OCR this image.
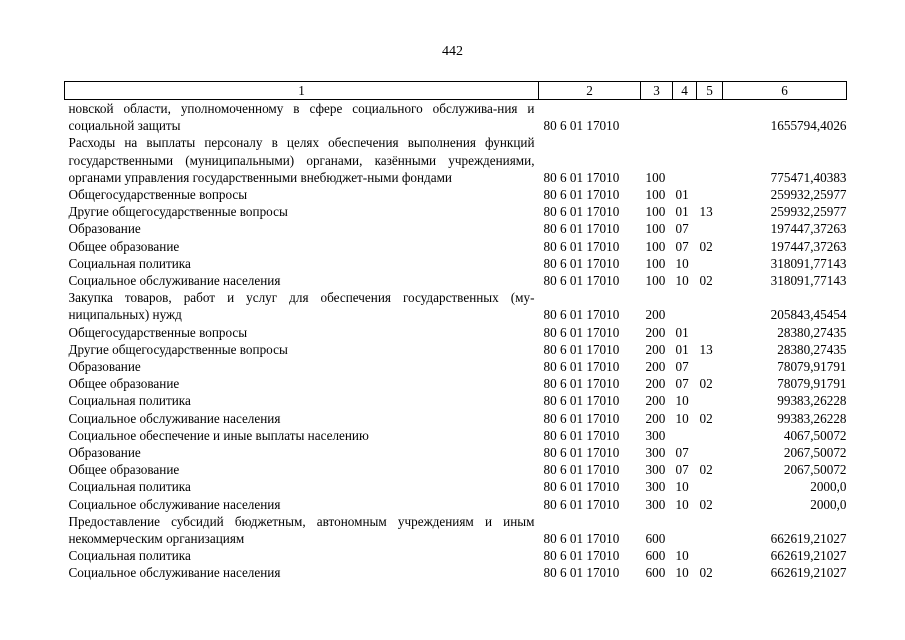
442
1	2	3	4	5	6
новской области, уполномоченному в сфере социального обслужива-ния и социальной защиты	80 6 01 17010				1655794,4026
Расходы на выплаты персоналу в целях обеспечения выполнения функций государственными (муниципальными) органами, казёнными учреждениями, органами управления государственными внебюджет-ными фондами	80 6 01 17010	100			775471,40383
Общегосударственные вопросы	80 6 01 17010	100	01		259932,25977
Другие общегосударственные вопросы	80 6 01 17010	100	01	13	259932,25977
Образование	80 6 01 17010	100	07		197447,37263
Общее образование	80 6 01 17010	100	07	02	197447,37263
Социальная политика	80 6 01 17010	100	10		318091,77143
Социальное обслуживание населения	80 6 01 17010	100	10	02	318091,77143
Закупка товаров, работ и услуг для обеспечения государственных (му-ниципальных) нужд	80 6 01 17010	200			205843,45454
Общегосударственные вопросы	80 6 01 17010	200	01		28380,27435
Другие общегосударственные вопросы	80 6 01 17010	200	01	13	28380,27435
Образование	80 6 01 17010	200	07		78079,91791
Общее образование	80 6 01 17010	200	07	02	78079,91791
Социальная политика	80 6 01 17010	200	10		99383,26228
Социальное обслуживание населения	80 6 01 17010	200	10	02	99383,26228
Социальное обеспечение и иные выплаты населению	80 6 01 17010	300			4067,50072
Образование	80 6 01 17010	300	07		2067,50072
Общее образование	80 6 01 17010	300	07	02	2067,50072
Социальная политика	80 6 01 17010	300	10		2000,0
Социальное обслуживание населения	80 6 01 17010	300	10	02	2000,0
Предоставление субсидий бюджетным, автономным учреждениям и иным некоммерческим организациям	80 6 01 17010	600			662619,21027
Социальная политика	80 6 01 17010	600	10		662619,21027
Социальное обслуживание населения	80 6 01 17010	600	10	02	662619,21027
